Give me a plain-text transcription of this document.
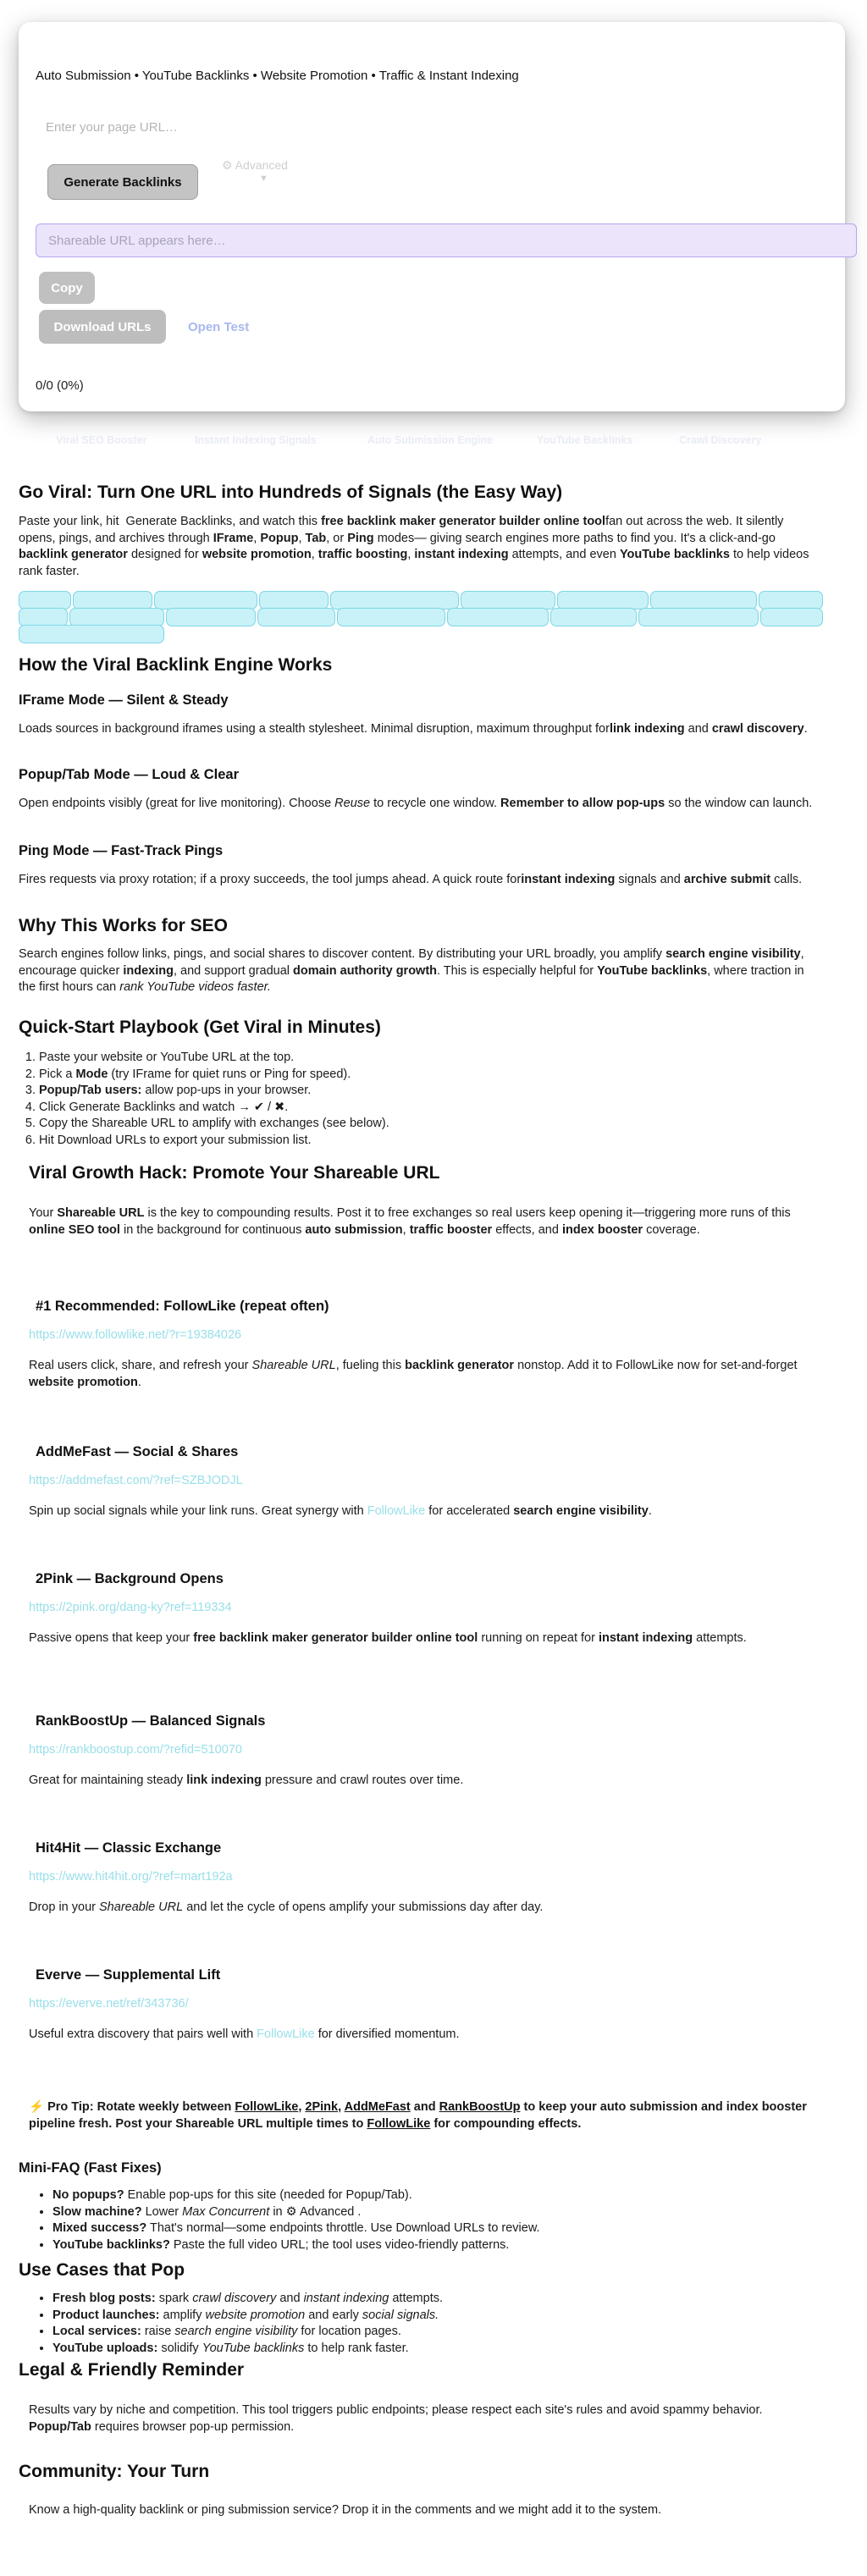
Auto Submission • YouTube Backlinks • Website Promotion • Traffic & Instant Indexing
Enter your page URL…
Generate Backlinks
⚙ Advanced
▼
Shareable URL appears here…
Copy
Download URLs	Open Test
0/0 (0%)
Viral SEO Booster	Instant Indexing Signals	Auto Submission Engine	YouTube Backlinks	Crawl Discovery
Go Viral: Turn One URL into Hundreds of Signals (the Easy Way)

Paste your link, hit Generate Backlinks, and watch this free backlink maker generator builder online toolfan out across the web. It silently opens, pings, and archives through IFrame, Popup, Tab, or Ping modes— giving search engines more paths to find you. It's a click-and-go backlink generator designed for website promotion, traffic boosting, instant indexing attempts, and even YouTube backlinks to help videos rank faster.

How the Viral Backlink Engine Works
IFrame Mode — Silent & Steady

Loads sources in background iframes using a stealth stylesheet. Minimal disruption, maximum throughput forlink indexing and crawl discovery.

Popup/Tab Mode — Loud & Clear

Open endpoints visibly (great for live monitoring). Choose Reuse to recycle one window. Remember to allow pop-ups so the window can launch.

Ping Mode — Fast-Track Pings

Fires requests via proxy rotation; if a proxy succeeds, the tool jumps ahead. A quick route forinstant indexing signals and archive submit calls.

Why This Works for SEO

Search engines follow links, pings, and social shares to discover content. By distributing your URL broadly, you amplify search engine visibility, encourage quicker indexing, and support gradual domain authority growth. This is especially helpful for YouTube backlinks, where traction in the first hours can rank YouTube videos faster.

Quick-Start Playbook (Get Viral in Minutes)
1. Paste your website or YouTube URL at the top.
2. Pick a Mode (try IFrame for quiet runs or Ping for speed).
3. Popup/Tab users: allow pop-ups in your browser.
4. Click Generate Backlinks and watch → ✔ / ✖.
5. Copy the Shareable URL to amplify with exchanges (see below).
6. Hit Download URLs to export your submission list.
Viral Growth Hack: Promote Your Shareable URL

Your Shareable URL is the key to compounding results. Post it to free exchanges so real users keep opening it—triggering more runs of this online SEO tool in the background for continuous auto submission, traffic booster effects, and index booster coverage.

#1 Recommended: FollowLike (repeat often)
https://www.followlike.net/?r=19384026

Real users click, share, and refresh your Shareable URL, fueling this backlink generator nonstop. Add it to FollowLike now for set-and-forget website promotion.

AddMeFast — Social & Shares
https://addmefast.com/?ref=SZBJODJL

Spin up social signals while your link runs. Great synergy with FollowLike for accelerated search engine visibility.

2Pink — Background Opens
https://2pink.org/dang-ky?ref=119334

Passive opens that keep your free backlink maker generator builder online tool running on repeat for instant indexing attempts.

RankBoostUp — Balanced Signals
https://rankboostup.com/?refid=510070

Great for maintaining steady link indexing pressure and crawl routes over time.

Hit4Hit — Classic Exchange
https://www.hit4hit.org/?ref=mart192a

Drop in your Shareable URL and let the cycle of opens amplify your submissions day after day.

Everve — Supplemental Lift
https://everve.net/ref/343736/

Useful extra discovery that pairs well with FollowLike for diversified momentum.

⚡ Pro Tip: Rotate weekly between FollowLike, 2Pink, AddMeFast and RankBoostUp to keep your auto submission and index booster pipeline fresh. Post your Shareable URL multiple times to FollowLike for compounding effects.

Mini-FAQ (Fast Fixes)
• No popups? Enable pop-ups for this site (needed for Popup/Tab).
• Slow machine? Lower Max Concurrent in ⚙ Advanced .
• Mixed success? That's normal—some endpoints throttle. Use Download URLs to review.
• YouTube backlinks? Paste the full video URL; the tool uses video-friendly patterns.
Use Cases that Pop
• Fresh blog posts: spark crawl discovery and instant indexing attempts.
• Product launches: amplify website promotion and early social signals.
• Local services: raise search engine visibility for location pages.
• YouTube uploads: solidify YouTube backlinks to help rank faster.
Legal & Friendly Reminder

Results vary by niche and competition. This tool triggers public endpoints; please respect each site's rules and avoid spammy behavior. Popup/Tab requires browser pop-up permission.

Community: Your Turn

Know a high-quality backlink or ping submission service? Drop it in the comments and we might add it to the system.
